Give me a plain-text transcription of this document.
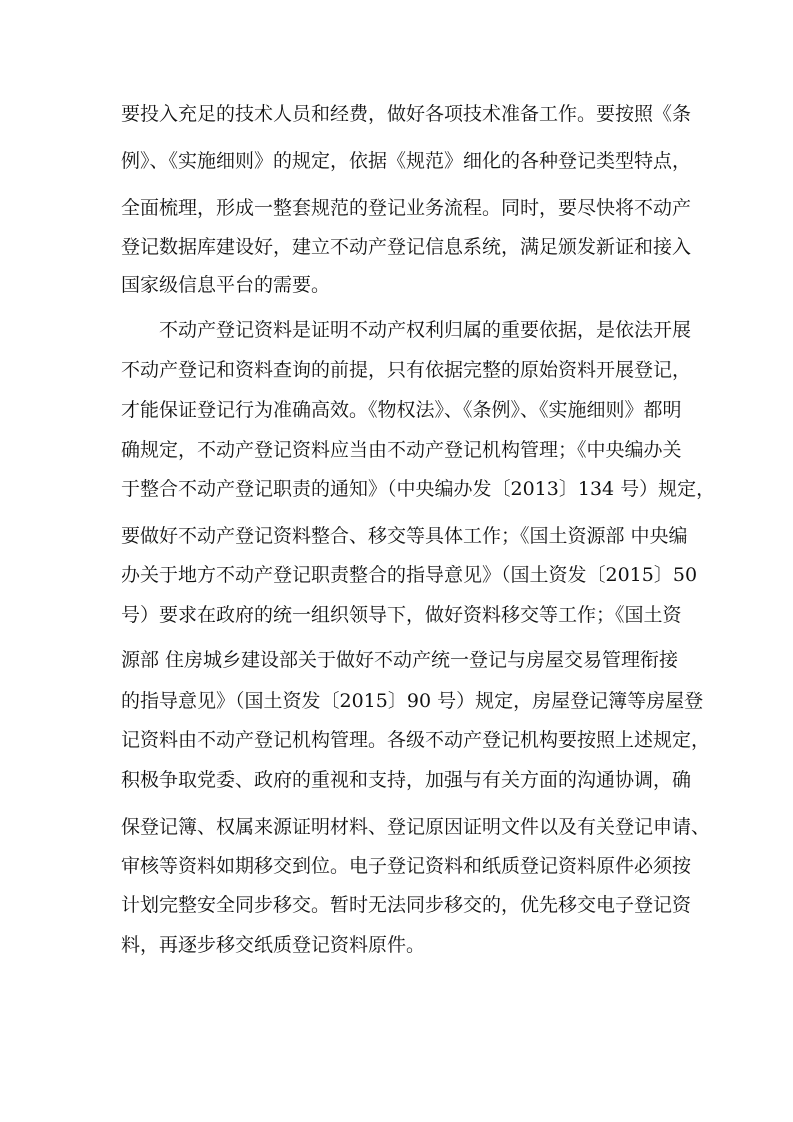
要投入充足的技术人员和经费，做好各项技术准备工作。要按照《条
例》、《实施细则》的规定，依据《规范》细化的各种登记类型特点，
全面梳理，形成一整套规范的登记业务流程。同时，要尽快将不动产
登记数据库建设好，建立不动产登记信息系统，满足颁发新证和接入
国家级信息平台的需要。
不动产登记资料是证明不动产权利归属的重要依据，是依法开展
不动产登记和资料查询的前提，只有依据完整的原始资料开展登记，
才能保证登记行为准确高效。《物权法》、《条例》、《实施细则》都明
确规定，不动产登记资料应当由不动产登记机构管理；《中央编办关
于整合不动产登记职责的通知》（中央编办发〔2013〕134 号）规定，
要做好不动产登记资料整合、移交等具体工作；《国土资源部 中央编
办关于地方不动产登记职责整合的指导意见》（国土资发〔2015〕50
号）要求在政府的统一组织领导下，做好资料移交等工作；《国土资
源部 住房城乡建设部关于做好不动产统一登记与房屋交易管理衔接
的指导意见》（国土资发〔2015〕90 号）规定，房屋登记簿等房屋登
记资料由不动产登记机构管理。各级不动产登记机构要按照上述规定，
积极争取党委、政府的重视和支持，加强与有关方面的沟通协调，确
保登记簿、权属来源证明材料、登记原因证明文件以及有关登记申请、
审核等资料如期移交到位。电子登记资料和纸质登记资料原件必须按
计划完整安全同步移交。暂时无法同步移交的，优先移交电子登记资
料，再逐步移交纸质登记资料原件。
